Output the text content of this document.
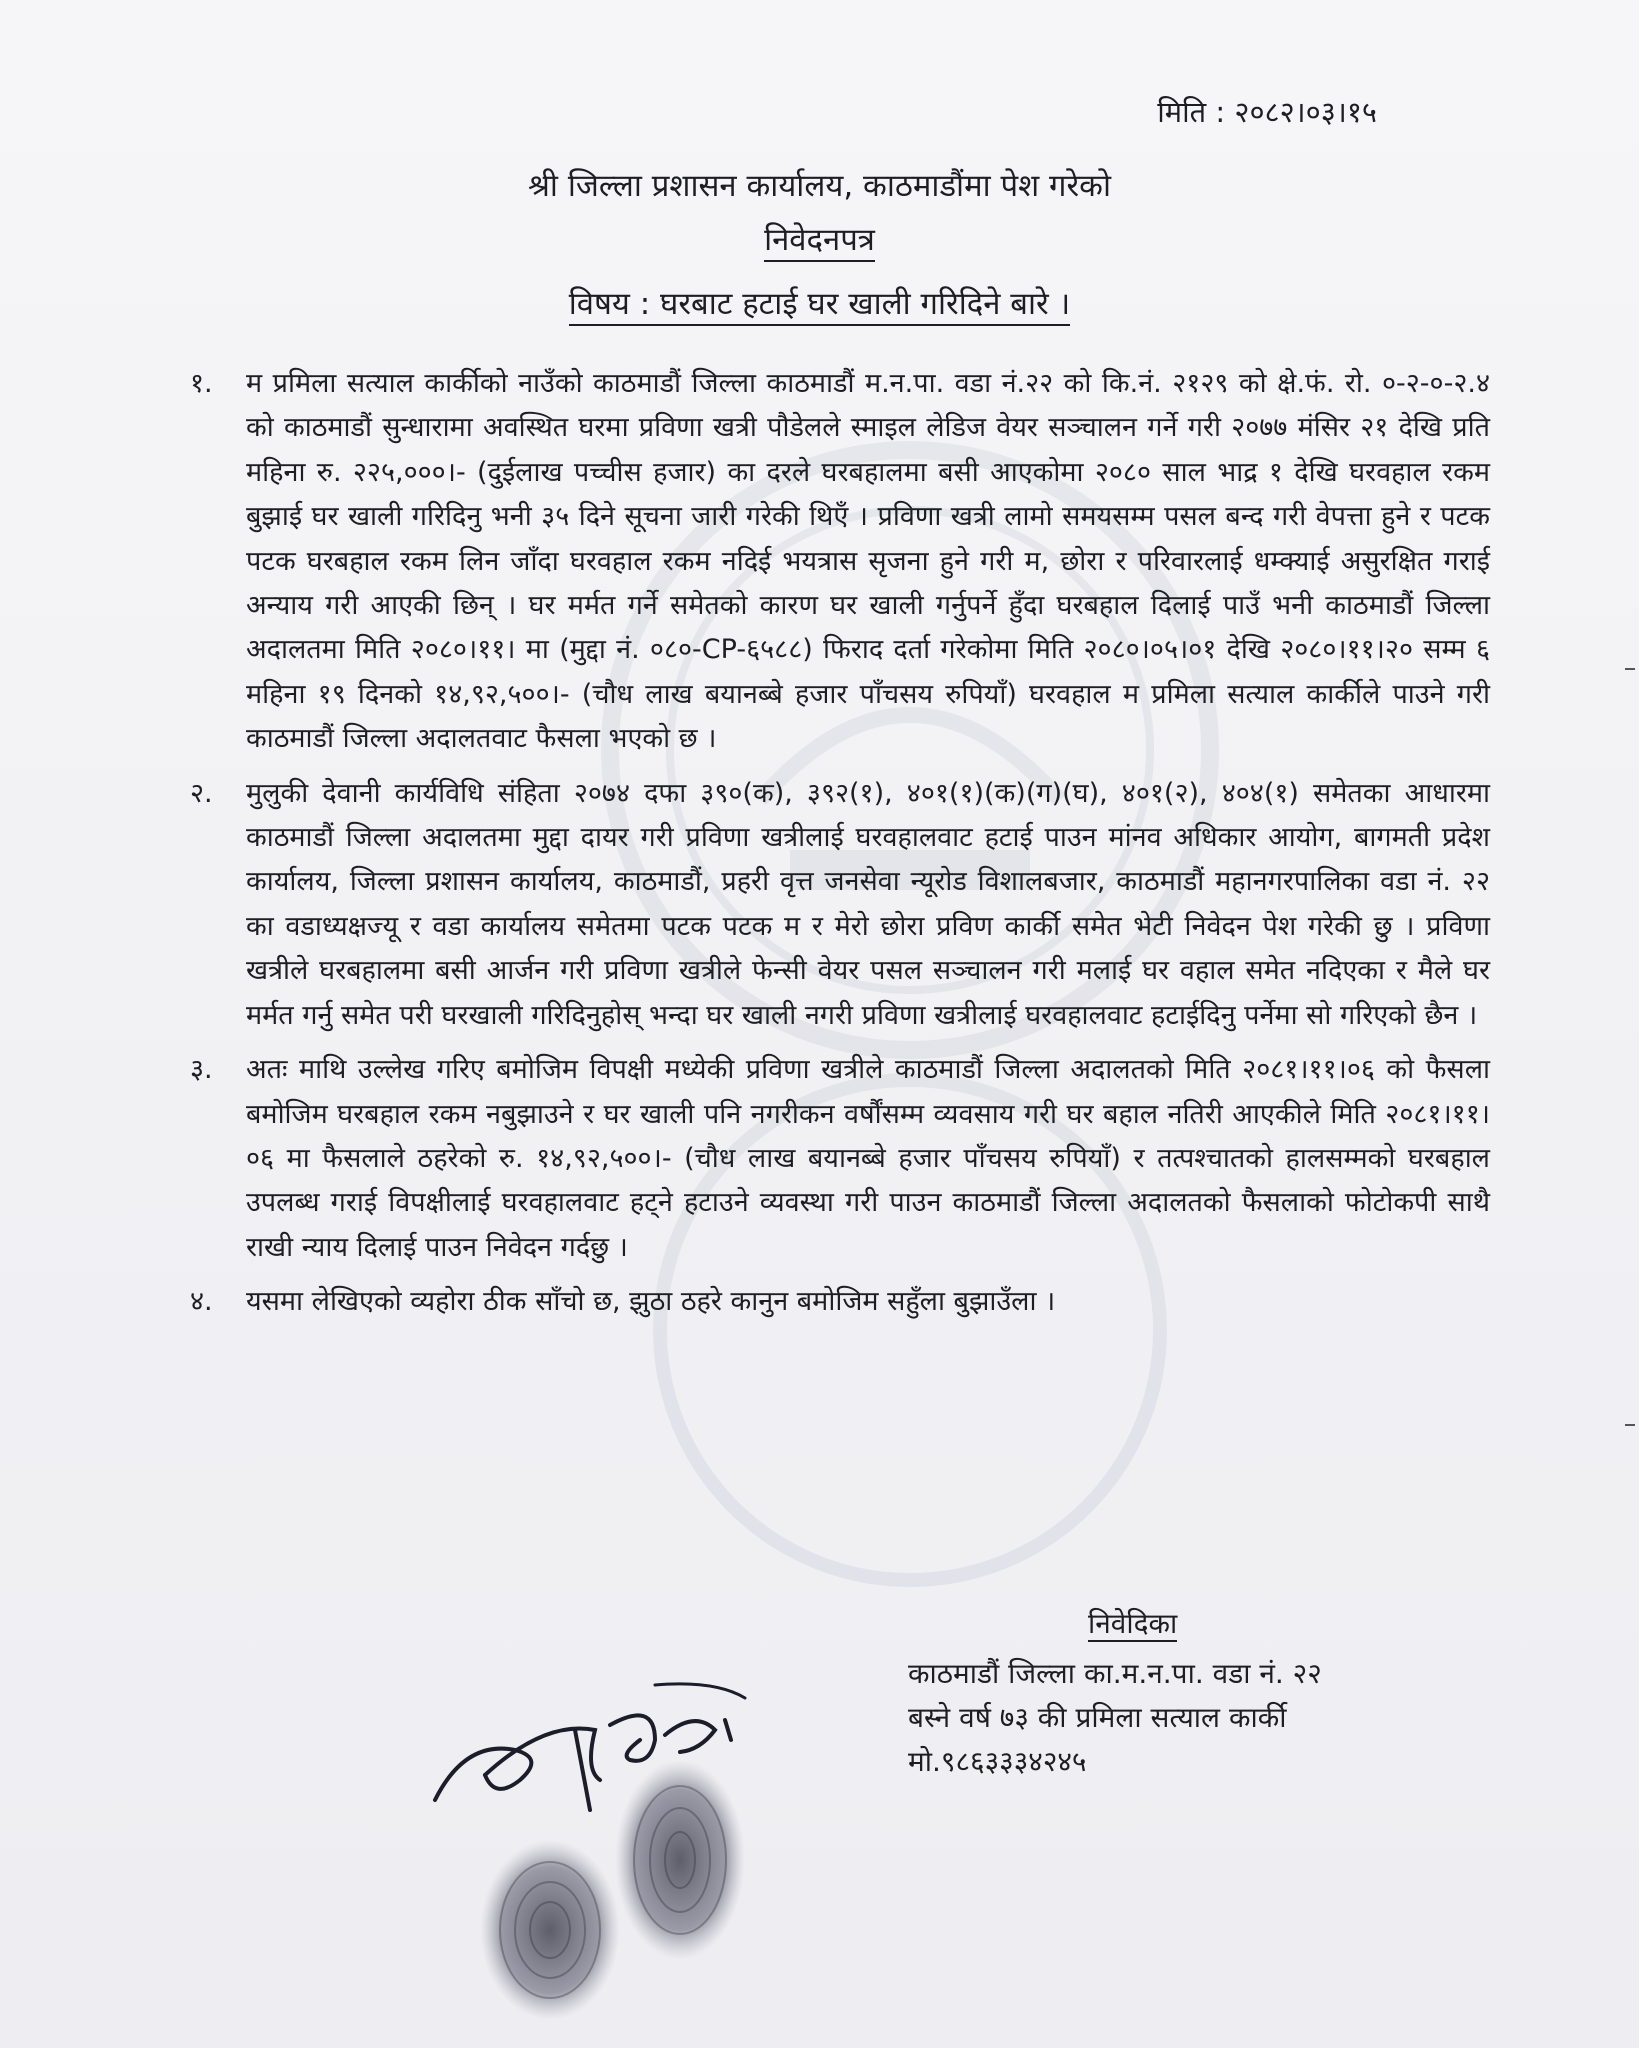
मिति : २०८२।०३।१५
श्री जिल्ला प्रशासन कार्यालय, काठमाडौंमा पेश गरेको
निवेदनपत्र
विषय : घरबाट हटाई घर खाली गरिदिने बारे ।
१. म प्रमिला सत्याल कार्कीको नाउँको काठमाडौं जिल्ला काठमाडौं म.न.पा. वडा नं.२२ को कि.नं. २१२९ को क्षे.फं. रो. ०-२-०-२.४ को काठमाडौं सुन्धारामा अवस्थित घरमा प्रविणा खत्री पौडेलले स्माइल लेडिज वेयर सञ्चालन गर्ने गरी २०७७ मंसिर २१ देखि प्रति महिना रु. २२५,०००।- (दुईलाख पच्चीस हजार) का दरले घरबहालमा बसी आएकोमा २०८० साल भाद्र १ देखि घरवहाल रकम बुझाई घर खाली गरिदिनु भनी ३५ दिने सूचना जारी गरेकी थिएँ । प्रविणा खत्री लामो समयसम्म पसल बन्द गरी वेपत्ता हुने र पटक पटक घरबहाल रकम लिन जाँदा घरवहाल रकम नदिई भयत्रास सृजना हुने गरी म, छोरा र परिवारलाई धम्क्याई असुरक्षित गराई अन्याय गरी आएकी छिन् । घर मर्मत गर्ने समेतको कारण घर खाली गर्नुपर्ने हुँदा घरबहाल दिलाई पाउँ भनी काठमाडौं जिल्ला अदालतमा मिति २०८०।११। मा (मुद्दा नं. ०८०-CP-६५८८) फिराद दर्ता गरेकोमा मिति २०८०।०५।०१ देखि २०८०।११।२० सम्म ६ महिना १९ दिनको १४,९२,५००।- (चौध लाख बयानब्बे हजार पाँचसय रुपियाँ) घरवहाल म प्रमिला सत्याल कार्कीले पाउने गरी काठमाडौं जिल्ला अदालतवाट फैसला भएको छ ।
२. मुलुकी देवानी कार्यविधि संहिता २०७४ दफा ३९०(क), ३९२(१), ४०१(१)(क)(ग)(घ), ४०१(२), ४०४(१) समेतका आधारमा काठमाडौं जिल्ला अदालतमा मुद्दा दायर गरी प्रविणा खत्रीलाई घरवहालवाट हटाई पाउन मांनव अधिकार आयोग, बागमती प्रदेश कार्यालय, जिल्ला प्रशासन कार्यालय, काठमाडौं, प्रहरी वृत्त जनसेवा न्यूरोड विशालबजार, काठमाडौं महानगरपालिका वडा नं. २२ का वडाध्यक्षज्यू र वडा कार्यालय समेतमा पटक पटक म र मेरो छोरा प्रविण कार्की समेत भेटी निवेदन पेश गरेकी छु । प्रविणा खत्रीले घरबहालमा बसी आर्जन गरी प्रविणा खत्रीले फेन्सी वेयर पसल सञ्चालन गरी मलाई घर वहाल समेत नदिएका र मैले घर मर्मत गर्नु समेत परी घरखाली गरिदिनुहोस् भन्दा घर खाली नगरी प्रविणा खत्रीलाई घरवहालवाट हटाईदिनु पर्नेमा सो गरिएको छैन ।
३. अतः माथि उल्लेख गरिए बमोजिम विपक्षी मध्येकी प्रविणा खत्रीले काठमाडौं जिल्ला अदालतको मिति २०८१।११।०६ को फैसला बमोजिम घरबहाल रकम नबुझाउने र घर खाली पनि नगरीकन वर्षौंसम्म व्यवसाय गरी घर बहाल नतिरी आएकीले मिति २०८१।११।०६ मा फैसलाले ठहरेको रु. १४,९२,५००।- (चौध लाख बयानब्बे हजार पाँचसय रुपियाँ) र तत्पश्चातको हालसम्मको घरबहाल उपलब्ध गराई विपक्षीलाई घरवहालवाट हट्ने हटाउने व्यवस्था गरी पाउन काठमाडौं जिल्ला अदालतको फैसलाको फोटोकपी साथै राखी न्याय दिलाई पाउन निवेदन गर्दछु ।
४. यसमा लेखिएको व्यहोरा ठीक साँचो छ, झुठा ठहरे कानुन बमोजिम सहुँला बुझाउँला ।
निवेदिका
काठमाडौं जिल्ला का.म.न.पा. वडा नं. २२
बस्ने वर्ष ७३ की प्रमिला सत्याल कार्की
मो.९८६३३३४२४५
